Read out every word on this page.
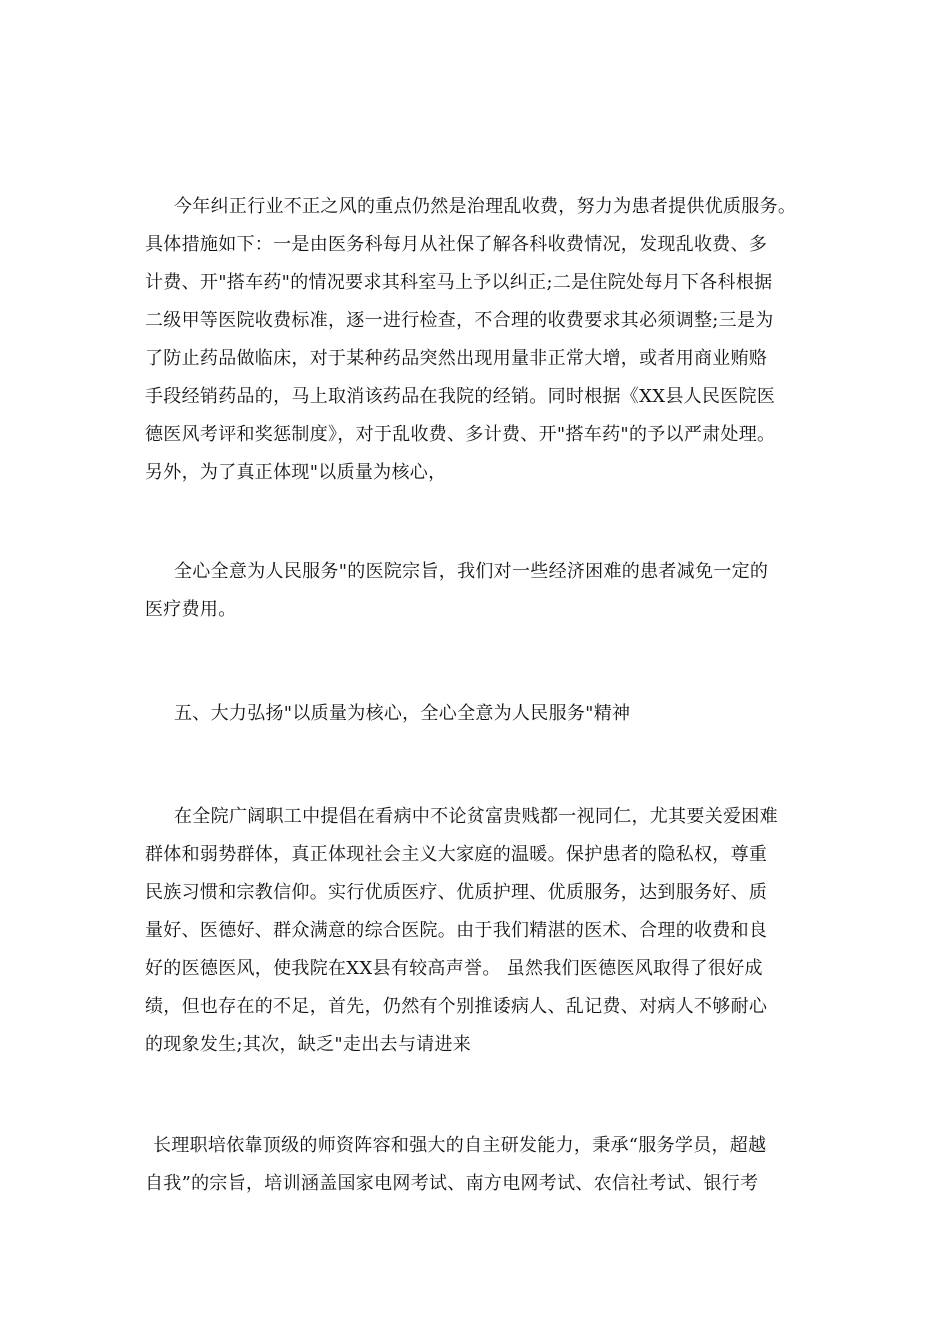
今年纠正行业不正之风的重点仍然是治理乱收费，努力为患者提供优质服务。
具体措施如下：一是由医务科每月从社保了解各科收费情况，发现乱收费、多
计费、开"搭车药"的情况要求其科室马上予以纠正;二是住院处每月下各科根据
二级甲等医院收费标准，逐一进行检查，不合理的收费要求其必须调整;三是为
了防止药品做临床，对于某种药品突然出现用量非正常大增，或者用商业贿赂
手段经销药品的，马上取消该药品在我院的经销。同时根据《XX县人民医院医
德医风考评和奖惩制度》，对于乱收费、多计费、开"搭车药"的予以严肃处理。
另外，为了真正体现"以质量为核心，
全心全意为人民服务"的医院宗旨，我们对一些经济困难的患者减免一定的
医疗费用。
五、大力弘扬"以质量为核心，全心全意为人民服务"精神
在全院广阔职工中提倡在看病中不论贫富贵贱都一视同仁，尤其要关爱困难
群体和弱势群体，真正体现社会主义大家庭的温暖。保护患者的隐私权，尊重
民族习惯和宗教信仰。实行优质医疗、优质护理、优质服务，达到服务好、质
量好、医德好、群众满意的综合医院。由于我们精湛的医术、合理的收费和良
好的医德医风，使我院在XX县有较高声誉。 虽然我们医德医风取得了很好成
绩，但也存在的不足，首先，仍然有个别推诿病人、乱记费、对病人不够耐心
的现象发生;其次，缺乏"走出去与请进来
长理职培依靠顶级的师资阵容和强大的自主研发能力，秉承“服务学员，超越
自我”的宗旨，培训涵盖国家电网考试、南方电网考试、农信社考试、银行考
